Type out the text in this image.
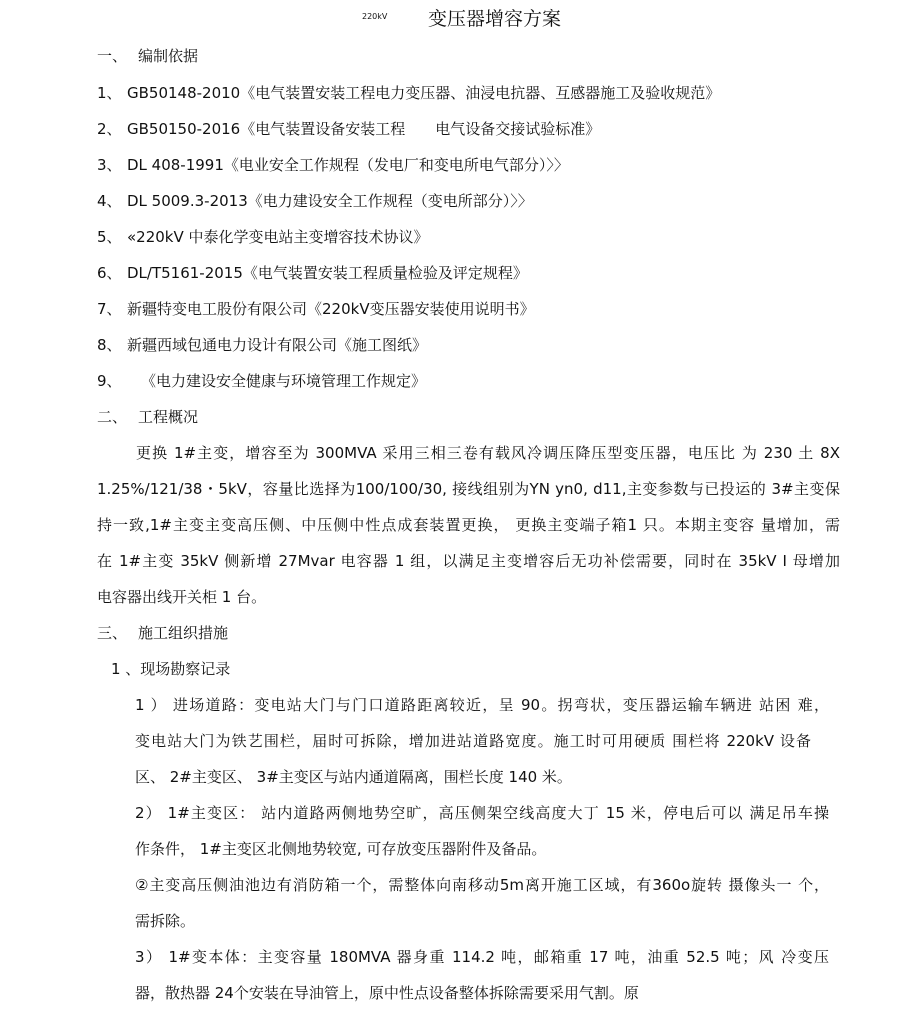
220kV 变压器增容方案
一、 编制依据
1、 GB50148-2010《电气装置安装工程电力变压器、油浸电抗器、互感器施工及验收规范》
2、 GB50150-2016《电气装置设备安装工程　　电气设备交接试验标准》
3、 DL 408-1991《电业安全工作规程（发电厂和变电所电气部分）〉〉
4、 DL 5009.3-2013《电力建设安全工作规程（变电所部分）〉〉
5、 «220kV 中泰化学变电站主变增容技术协议》
6、 DL/T5161-2015《电气装置安装工程质量检验及评定规程》
7、 新疆特变电工股份有限公司《220kV变压器安装使用说明书》
8、 新疆西域包通电力设计有限公司《施工图纸》
9、 《电力建设安全健康与环境管理工作规定》
二、 工程概况
更换 1#主变，增容至为 300MVA 采用三相三卷有载风冷调压降压型变压器，电压比 为 230 土 8X
1.25%/121/38・5kV，容量比选择为100/100/30, 接线组别为YN yn0, d11,主变参数与已投运的 3#主变保
持一致,1#主变主变高压侧、中压侧中性点成套装置更换， 更换主变端子箱1 只。本期主变容 量增加，需
在 1#主变 35kV 侧新增 27Mvar 电容器 1 组，以满足主变增容后无功补偿需要，同时在 35kV I 母增加
电容器出线开关柜 1 台。
三、 施工组织措施
1 、现场勘察记录
1 ） 进场道路：变电站大门与门口道路距离较近，呈 90。拐弯状，变压器运输车辆进 站困 难，
变电站大门为铁艺围栏，届时可拆除，增加进站道路宽度。施工时可用硬质 围栏将 220kV 设备
区、 2#主变区、 3#主变区与站内通道隔离，围栏长度 140 米。
2） 1#主变区： 站内道路两侧地势空旷，高压侧架空线高度大丁 15 米，停电后可以 满足吊车操
作条件， 1#主变区北侧地势较宽, 可存放变压器附件及备品。
②主变高压侧油池边有消防箱一个，需整体向南移动5m离开施工区域，有360o旋转 摄像头一 个，
需拆除。
3） 1#变本体：主变容量 180MVA 器身重 114.2 吨，邮箱重 17 吨，油重 52.5 吨；风 冷变压
器，散热器 24个安装在导油管上，原中性点设备整体拆除需要采用气割。原
